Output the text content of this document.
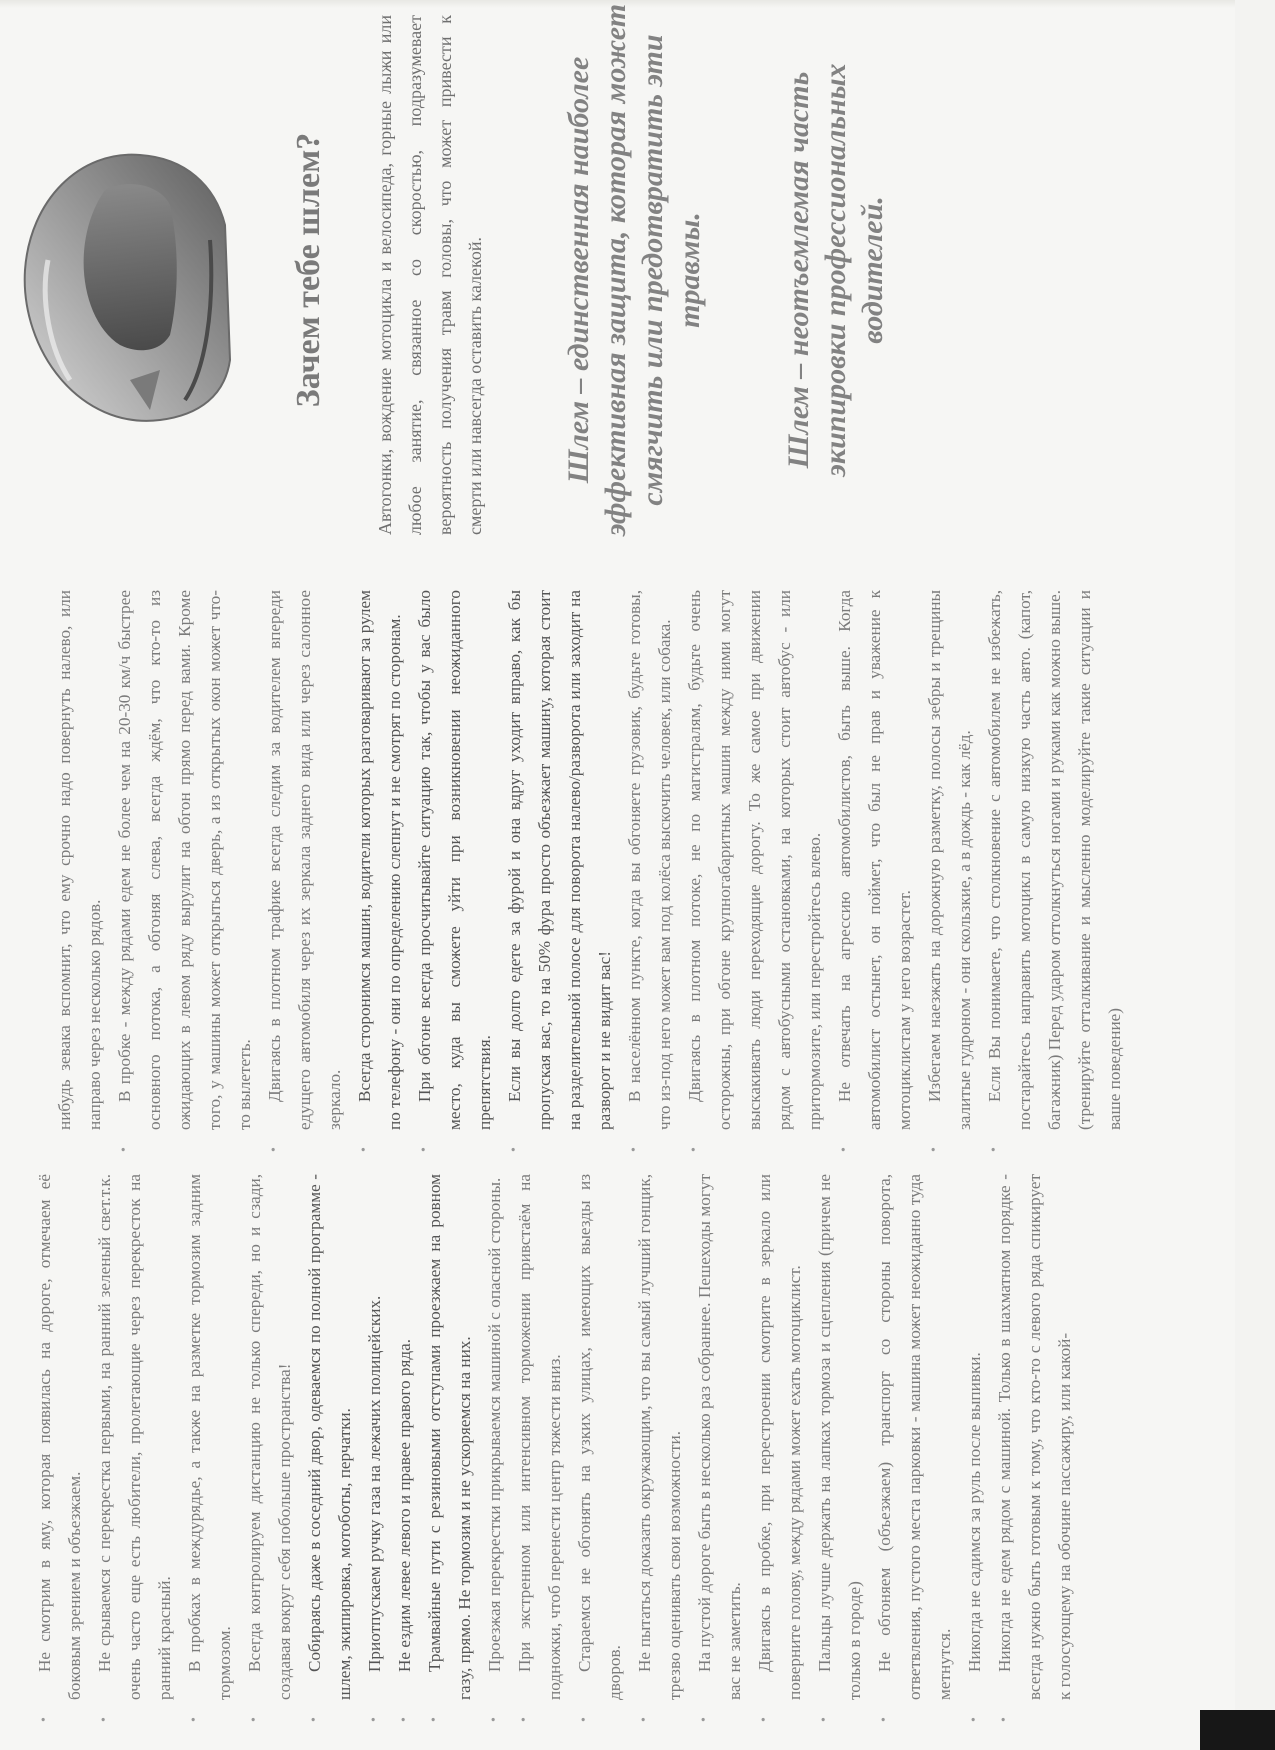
• Не смотрим в яму, которая появилась на дороге, отмечаем её боковым зрением и объезжаем. • Не срываемся с перекрестка первыми, на ранний зеленый свет.т.к. очень часто еще есть любители, пролетающие через перекресток на ранний красный. • В пробках в междурядье, а также на разметке тормозим задним тормозом. • Всегда контролируем дистанцию не только спереди, но и сзади, создавая вокруг себя побольше пространства! • Собираясь даже в соседний двор, одеваемся по полной программе - шлем, экипировка, мотоботы, перчатки. • Приотпускаем ручку газа на лежачих полицейских. • Не ездим левее левого и правее правого ряда. • Трамвайные пути с резиновыми отступами проезжаем на ровном газу, прямо. Не тормозим и не ускоряемся на них. • Проезжая перекрестки прикрываемся машиной с опасной стороны. • При экстренном или интенсивном торможении привстаём на подножки, чтоб перенести центр тяжести вниз. • Стараемся не обгонять на узких улицах, имеющих выезды из дворов.
• Не пытаться доказать окружающим, что вы самый лучший гонщик, трезво оценивать свои возможности. • На пустой дороге быть в несколько раз собраннее. Пешеходы могут вас не заметить. • Двигаясь в пробке, при перестроении смотрите в зеркало или поверните голову, между рядами может ехать мотоциклист. • Пальцы лучше держать на лапках тормоза и сцепления (причем не только в городе) • Не обгоняем (объезжаем) транспорт со стороны поворота, ответвления, пустого места парковки - машина может неожиданно туда метнутся. • Никогда не садимся за руль после выпивки. • Никогда не едем рядом с машиной. Только в шахматном порядке - всегда нужно быть готовым к тому, что кто-то с левого ряда спикирует к голосующему на обочине пассажиру, или какой-
нибудь зевака вспомнит, что ему срочно надо повернуть налево, или направо через несколько рядов. • В пробке - между рядами едем не более чем на 20-30 км/ч быстрее основного потока, а обгоняя слева, всегда ждём, что кто-то из ожидающих в левом ряду вырулит на обгон прямо перед вами. Кроме того, у машины может открыться дверь, а из открытых окон может что-то вылететь. • Двигаясь в плотном трафике всегда следим за водителем впереди едущего автомобиля через их зеркала заднего вида или через салонное зеркало. • Всегда сторонимся машин, водители которых разговаривают за рулем по телефону - они по определению слепнут и не смотрят по сторонам. • При обгоне всегда просчитывайте ситуацию так, чтобы у вас было место, куда вы сможете уйти при возникновении неожиданного препятствия. • Если вы долго едете за фурой и она вдруг уходит вправо, как бы пропуская вас, то на 50% фура просто объезжает машину, которая стоит на разделительной полосе для поворота налево/разворота или заходит на разворот и не видит вас! • В населённом пункте, когда вы обгоняете грузовик, будьте готовы, что из-под него может вам под колёса выскочить человек, или собака. • Двигаясь в плотном потоке, не по магистралям, будьте очень осторожны, при обгоне крупногабаритных машин между ними могут выскакивать люди переходящие дорогу. То же самое при движении рядом с автобусными остановками, на которых стоит автобус - или притормозите, или перестройтесь влево. • Не отвечать на агрессию автомобилистов, быть выше. Когда автомобилист остынет, он поймет, что был не прав и уважение к мотоциклистам у него возрастет. • Избегаем наезжать на дорожную разметку, полосы зебры и трещины залитые гудроном - они скользкие, а в дождь - как лёд. • Если Вы понимаете, что столкновение с автомобилем не избежать, постарайтесь направить мотоцикл в самую низкую часть авто. (капот, багажник) Перед ударом оттолкнуться ногами и руками как можно выше. (тренируйте отталкивание и мысленно моделируйте такие ситуации и ваше поведение)
Зачем тебе шлем?	Автогонки, вождение мотоцикла и велосипеда, горные лыжи или любое занятие, связанное со скоростью, подразумевает вероятность получения травм головы, что может привести к смерти или навсегда оставить калекой.	Шлем – единственная наиболее эффективная защита, которая может смягчить или предотвратить эти травмы.	Шлем – неотъемлемая часть экипировки профессиональных водителей.
